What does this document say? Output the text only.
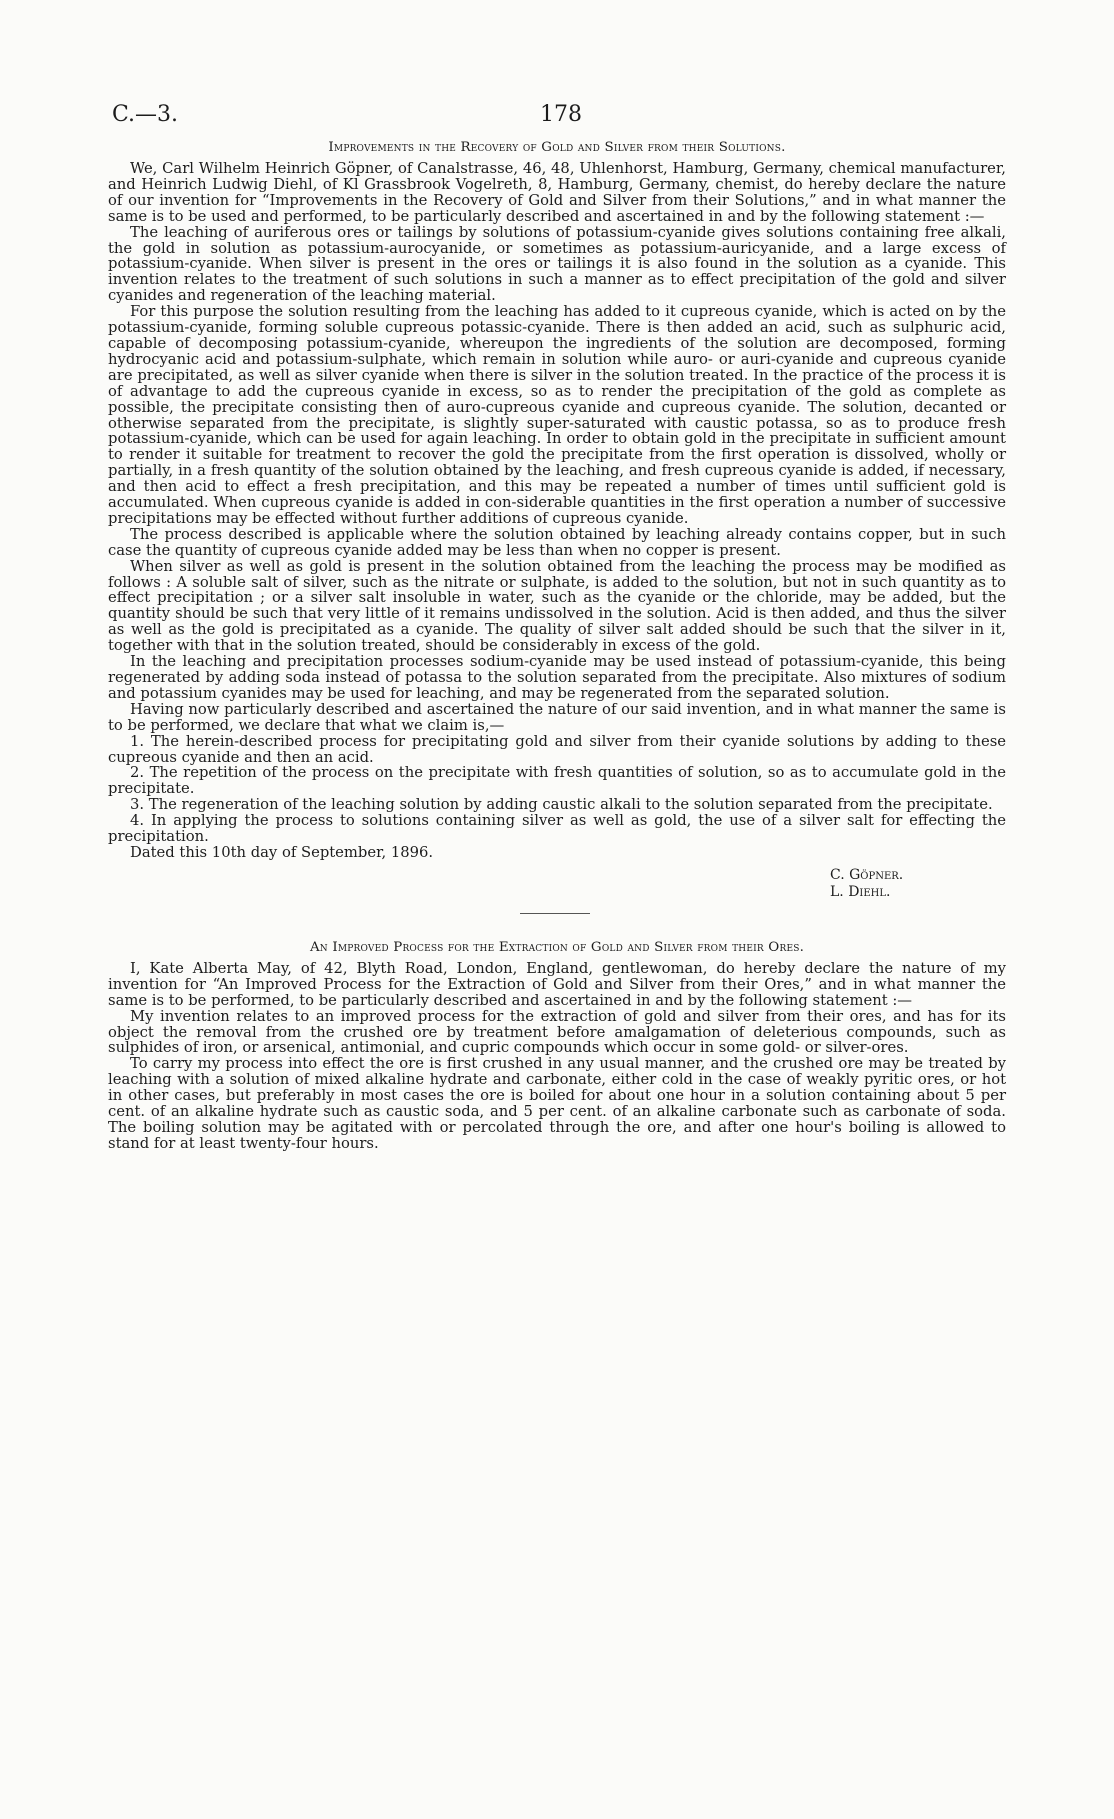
C.—3.	178
Improvements in the Recovery of Gold and Silver from their Solutions.

We, Carl Wilhelm Heinrich Göpner, of Canalstrasse, 46, 48, Uhlenhorst, Hamburg, Germany, chemical manufacturer, and Heinrich Ludwig Diehl, of Kl Grassbrook Vogelreth, 8, Hamburg, Germany, chemist, do hereby declare the nature of our invention for “Improvements in the Recovery of Gold and Silver from their Solutions,” and in what manner the same is to be used and performed, to be particularly described and ascertained in and by the following statement :—

The leaching of auriferous ores or tailings by solutions of potassium-cyanide gives solutions containing free alkali, the gold in solution as potassium-aurocyanide, or sometimes as potassium-auricyanide, and a large excess of potassium-cyanide. When silver is present in the ores or tailings it is also found in the solution as a cyanide. This invention relates to the treatment of such solutions in such a manner as to effect precipitation of the gold and silver cyanides and regeneration of the leaching material.

For this purpose the solution resulting from the leaching has added to it cupreous cyanide, which is acted on by the potassium-cyanide, forming soluble cupreous potassic-cyanide. There is then added an acid, such as sulphuric acid, capable of decomposing potassium-cyanide, whereupon the ingredients of the solution are decomposed, forming hydrocyanic acid and potassium-sulphate, which remain in solution while auro- or auri-cyanide and cupreous cyanide are precipitated, as well as silver cyanide when there is silver in the solution treated. In the practice of the process it is of advantage to add the cupreous cyanide in excess, so as to render the precipitation of the gold as complete as possible, the precipitate consisting then of auro-cupreous cyanide and cupreous cyanide. The solution, decanted or otherwise separated from the precipitate, is slightly super-saturated with caustic potassa, so as to produce fresh potassium-cyanide, which can be used for again leaching. In order to obtain gold in the precipitate in sufficient amount to render it suitable for treatment to recover the gold the precipitate from the first operation is dissolved, wholly or partially, in a fresh quantity of the solution obtained by the leaching, and fresh cupreous cyanide is added, if necessary, and then acid to effect a fresh precipitation, and this may be repeated a number of times until sufficient gold is accumulated. When cupreous cyanide is added in con-siderable quantities in the first operation a number of successive precipitations may be effected without further additions of cupreous cyanide.

The process described is applicable where the solution obtained by leaching already contains copper, but in such case the quantity of cupreous cyanide added may be less than when no copper is present.

When silver as well as gold is present in the solution obtained from the leaching the process may be modified as follows : A soluble salt of silver, such as the nitrate or sulphate, is added to the solution, but not in such quantity as to effect precipitation ; or a silver salt insoluble in water, such as the cyanide or the chloride, may be added, but the quantity should be such that very little of it remains undissolved in the solution. Acid is then added, and thus the silver as well as the gold is precipitated as a cyanide. The quality of silver salt added should be such that the silver in it, together with that in the solution treated, should be considerably in excess of the gold.

In the leaching and precipitation processes sodium-cyanide may be used instead of potassium-cyanide, this being regenerated by adding soda instead of potassa to the solution separated from the precipitate. Also mixtures of sodium and potassium cyanides may be used for leaching, and may be regenerated from the separated solution.

Having now particularly described and ascertained the nature of our said invention, and in what manner the same is to be performed, we declare that what we claim is,—

1. The herein-described process for precipitating gold and silver from their cyanide solutions by adding to these cupreous cyanide and then an acid.

2. The repetition of the process on the precipitate with fresh quantities of solution, so as to accumulate gold in the precipitate.

3. The regeneration of the leaching solution by adding caustic alkali to the solution separated from the precipitate.

4. In applying the process to solutions containing silver as well as gold, the use of a silver salt for effecting the precipitation.

Dated this 10th day of September, 1896.

C. Göpner.
L. Diehl.
An Improved Process for the Extraction of Gold and Silver from their Ores.

I, Kate Alberta May, of 42, Blyth Road, London, England, gentlewoman, do hereby declare the nature of my invention for “An Improved Process for the Extraction of Gold and Silver from their Ores,” and in what manner the same is to be performed, to be particularly described and ascertained in and by the following statement :—

My invention relates to an improved process for the extraction of gold and silver from their ores, and has for its object the removal from the crushed ore by treatment before amalgamation of deleterious compounds, such as sulphides of iron, or arsenical, antimonial, and cupric compounds which occur in some gold- or silver-ores.

To carry my process into effect the ore is first crushed in any usual manner, and the crushed ore may be treated by leaching with a solution of mixed alkaline hydrate and carbonate, either cold in the case of weakly pyritic ores, or hot in other cases, but preferably in most cases the ore is boiled for about one hour in a solution containing about 5 per cent. of an alkaline hydrate such as caustic soda, and 5 per cent. of an alkaline carbonate such as carbonate of soda. The boiling solution may be agitated with or percolated through the ore, and after one hour's boiling is allowed to stand for at least twenty-four hours.
